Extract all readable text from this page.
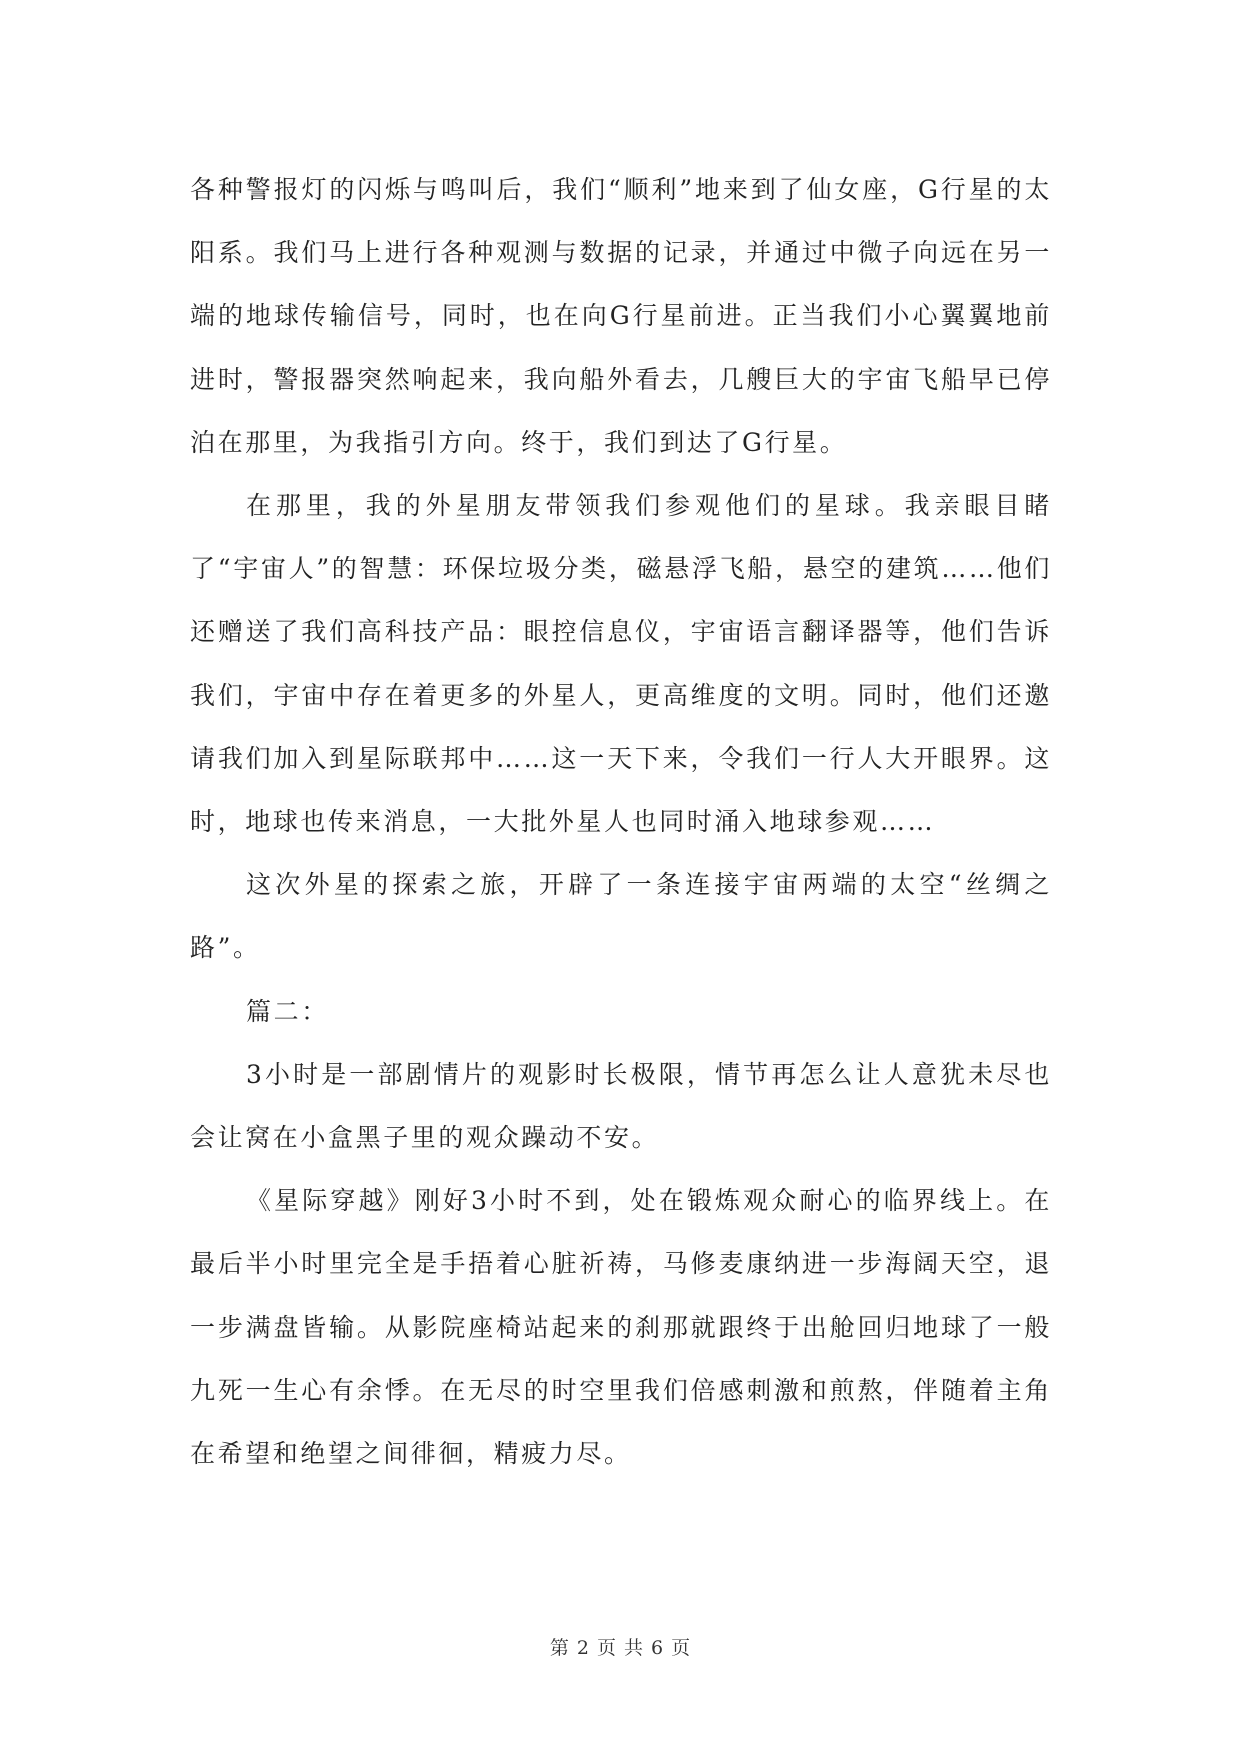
各种警报灯的闪烁与鸣叫后，我们“顺利”地来到了仙女座，G行星的太阳系。我们马上进行各种观测与数据的记录，并通过中微子向远在另一端的地球传输信号，同时，也在向G行星前进。正当我们小心翼翼地前进时，警报器突然响起来，我向船外看去，几艘巨大的宇宙飞船早已停泊在那里，为我指引方向。终于，我们到达了G行星。

在那里，我的外星朋友带领我们参观他们的星球。我亲眼目睹了“宇宙人”的智慧：环保垃圾分类，磁悬浮飞船，悬空的建筑……他们还赠送了我们高科技产品：眼控信息仪，宇宙语言翻译器等，他们告诉我们，宇宙中存在着更多的外星人，更高维度的文明。同时，他们还邀请我们加入到星际联邦中……这一天下来，令我们一行人大开眼界。这时，地球也传来消息，一大批外星人也同时涌入地球参观……

这次外星的探索之旅，开辟了一条连接宇宙两端的太空“丝绸之路”。

篇二：

3小时是一部剧情片的观影时长极限，情节再怎么让人意犹未尽也会让窝在小盒黑子里的观众躁动不安。

《星际穿越》刚好3小时不到，处在锻炼观众耐心的临界线上。在最后半小时里完全是手捂着心脏祈祷，马修麦康纳进一步海阔天空，退一步满盘皆输。从影院座椅站起来的刹那就跟终于出舱回归地球了一般九死一生心有余悸。在无尽的时空里我们倍感刺激和煎熬，伴随着主角在希望和绝望之间徘徊，精疲力尽。

第 2 页 共 6 页
